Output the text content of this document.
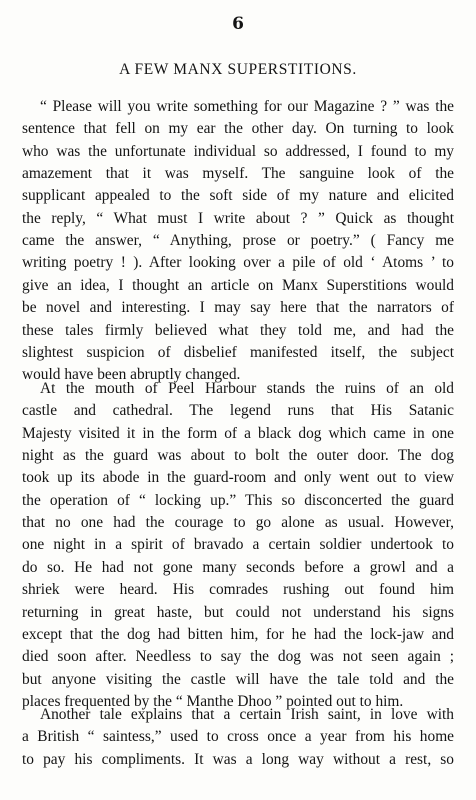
6
A FEW MANX SUPERSTITIONS.
“ Please will you write something for our Magazine ? ” was the
sentence that fell on my ear the other day. On turning to look
who was the unfortunate individual so addressed, I found to my
amazement that it was myself. The sanguine look of the
supplicant appealed to the soft side of my nature and elicited
the reply, “ What must I write about ? ” Quick as thought
came the answer, “ Anything, prose or poetry.” ( Fancy me
writing poetry ! ). After looking over a pile of old ‘ Atoms ’ to
give an idea, I thought an article on Manx Superstitions would
be novel and interesting. I may say here that the narrators of
these tales firmly believed what they told me, and had the
slightest suspicion of disbelief manifested itself, the subject
would have been abruptly changed.
At the mouth of Peel Harbour stands the ruins of an old
castle and cathedral. The legend runs that His Satanic
Majesty visited it in the form of a black dog which came in one
night as the guard was about to bolt the outer door. The dog
took up its abode in the guard-room and only went out to view
the operation of “ locking up.” This so disconcerted the guard
that no one had the courage to go alone as usual. However,
one night in a spirit of bravado a certain soldier undertook to
do so. He had not gone many seconds before a growl and a
shriek were heard. His comrades rushing out found him
returning in great haste, but could not understand his signs
except that the dog had bitten him, for he had the lock-jaw and
died soon after. Needless to say the dog was not seen again ;
but anyone visiting the castle will have the tale told and the
places frequented by the “ Manthe Dhoo ” pointed out to him.
Another tale explains that a certain Irish saint, in love with
a British “ saintess,” used to cross once a year from his home
to pay his compliments. It was a long way without a rest, so
